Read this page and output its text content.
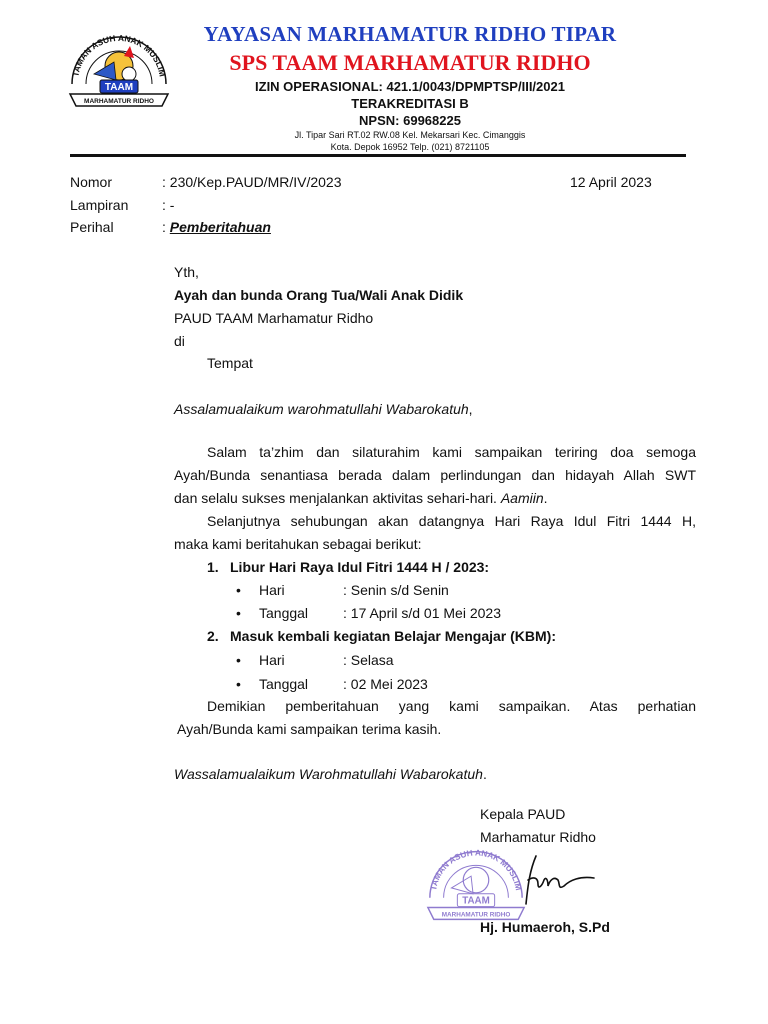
TAMAN ASUH ANAK MUSLIM
TAAM
MARHAMATUR RIDHO
YAYASAN MARHAMATUR RIDHO TIPAR
SPS TAAM MARHAMATUR RIDHO
IZIN OPERASIONAL: 421.1/0043/DPMPTSP/III/2021
TERAKREDITASI B
NPSN: 69968225
Jl. Tipar Sari RT.02 RW.08 Kel. Mekarsari Kec. Cimanggis
Kota. Depok 16952 Telp. (021) 8721105
Nomor	: 230/Kep.PAUD/MR/IV/2023	12 April 2023
Lampiran : -
Perihal	: Pemberitahuan
Yth,
Ayah dan bunda Orang Tua/Wali Anak Didik
PAUD TAAM Marhamatur Ridho
di
Tempat
Assalamualaikum warohmatullahi Wabarokatuh,
Salam ta’zhim dan silaturahim kami sampaikan teriring doa semoga
Ayah/Bunda senantiasa berada dalam perlindungan dan hidayah Allah SWT
dan selalu sukses menjalankan aktivitas sehari-hari. Aamiin.
Selanjutnya sehubungan akan datangnya Hari Raya Idul Fitri 1444 H,
maka kami beritahukan sebagai berikut:
1. Libur Hari Raya Idul Fitri 1444 H / 2023:
• Hari	: Senin s/d Senin
• Tanggal : 17 April s/d 01 Mei 2023
2. Masuk kembali kegiatan Belajar Mengajar (KBM):
• Hari	: Selasa
• Tanggal : 02 Mei 2023
Demikian pemberitahuan yang kami sampaikan. Atas perhatian
Ayah/Bunda kami sampaikan terima kasih.
Wassalamualaikum Warohmatullahi Wabarokatuh.
Kepala PAUD
Marhamatur Ridho
TAMAN ASUH ANAK MUSLIM
TAAM
MARHAMATUR RIDHO
Hj. Humaeroh, S.Pd
